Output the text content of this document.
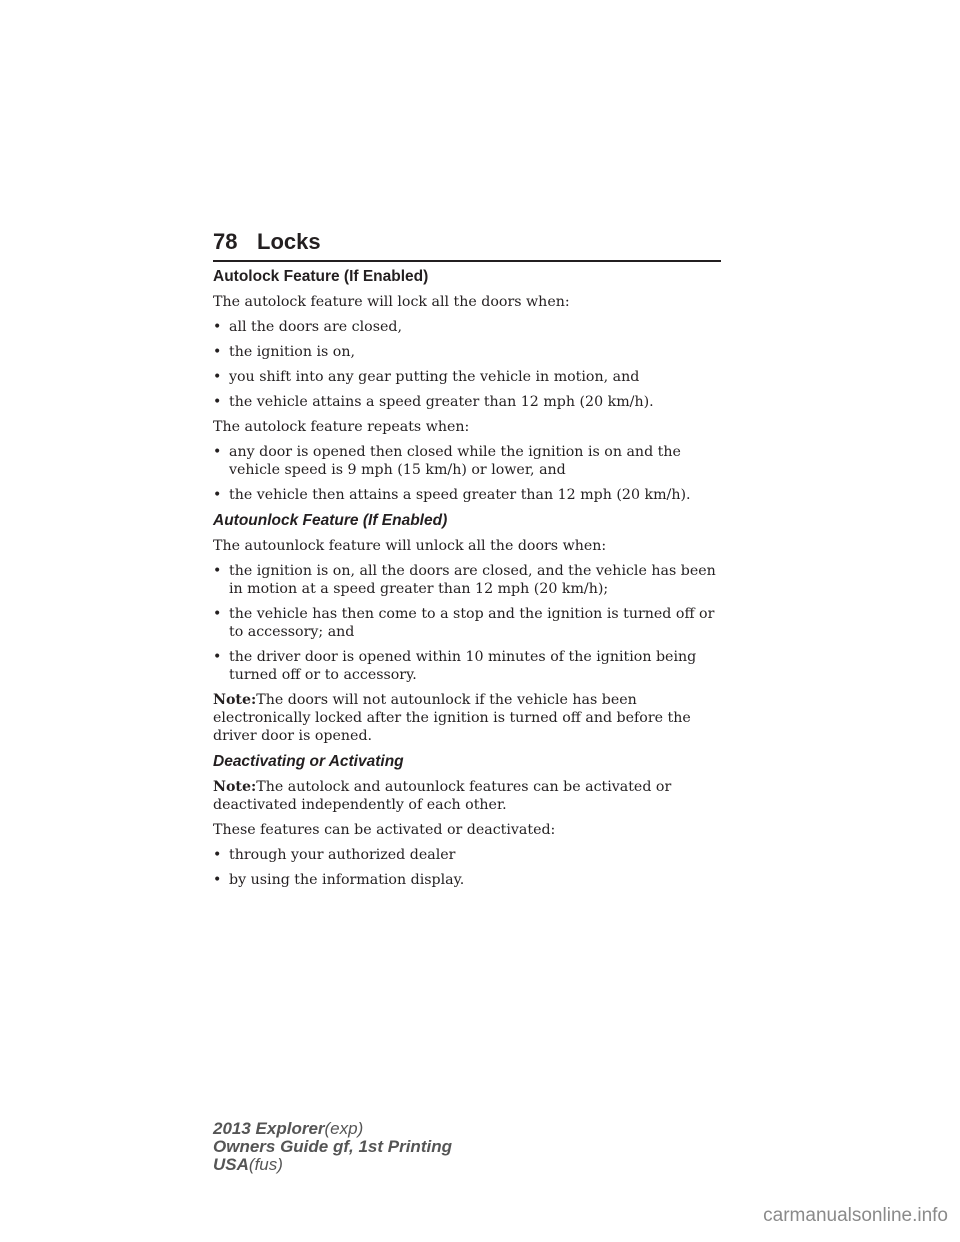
78 Locks
Autolock Feature (If Enabled)

The autolock feature will lock all the doors when:

• all the doors are closed,
• the ignition is on,
• you shift into any gear putting the vehicle in motion, and
• the vehicle attains a speed greater than 12 mph (20 km/h).

The autolock feature repeats when:

• any door is opened then closed while the ignition is on and the vehicle speed is 9 mph (15 km/h) or lower, and
• the vehicle then attains a speed greater than 12 mph (20 km/h).
Autounlock Feature (If Enabled)

The autounlock feature will unlock all the doors when:

• the ignition is on, all the doors are closed, and the vehicle has been in motion at a speed greater than 12 mph (20 km/h);
• the vehicle has then come to a stop and the ignition is turned off or to accessory; and
• the driver door is opened within 10 minutes of the ignition being turned off or to accessory.

Note:The doors will not autounlock if the vehicle has been electronically locked after the ignition is turned off and before the driver door is opened.

Deactivating or Activating

Note:The autolock and autounlock features can be activated or deactivated independently of each other.

These features can be activated or deactivated:

• through your authorized dealer
• by using the information display.
2013 Explorer(exp)
Owners Guide gf, 1st Printing
USA(fus)
carmanualsonline.info
